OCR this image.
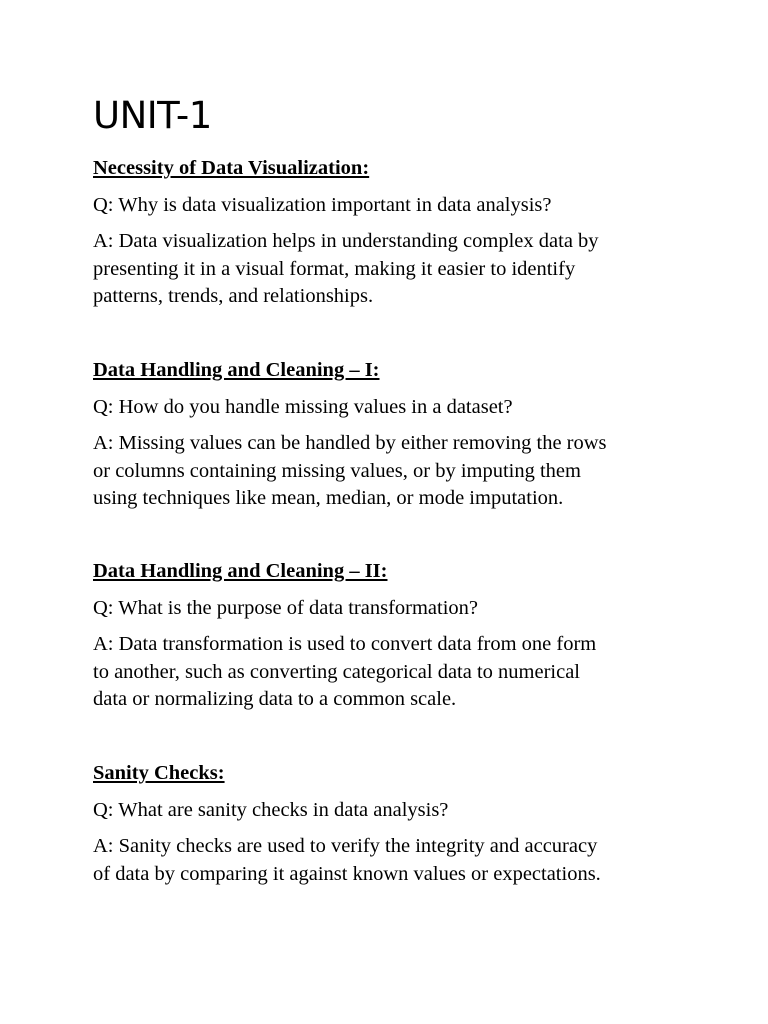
UNIT-1
Necessity of Data Visualization:

Q: Why is data visualization important in data analysis?

A: Data visualization helps in understanding complex data by
presenting it in a visual format, making it easier to identify
patterns, trends, and relationships.

Data Handling and Cleaning – I:

Q: How do you handle missing values in a dataset?

A: Missing values can be handled by either removing the rows
or columns containing missing values, or by imputing them
using techniques like mean, median, or mode imputation.

Data Handling and Cleaning – II:

Q: What is the purpose of data transformation?

A: Data transformation is used to convert data from one form
to another, such as converting categorical data to numerical
data or normalizing data to a common scale.

Sanity Checks:

Q: What are sanity checks in data analysis?

A: Sanity checks are used to verify the integrity and accuracy
of data by comparing it against known values or expectations.
